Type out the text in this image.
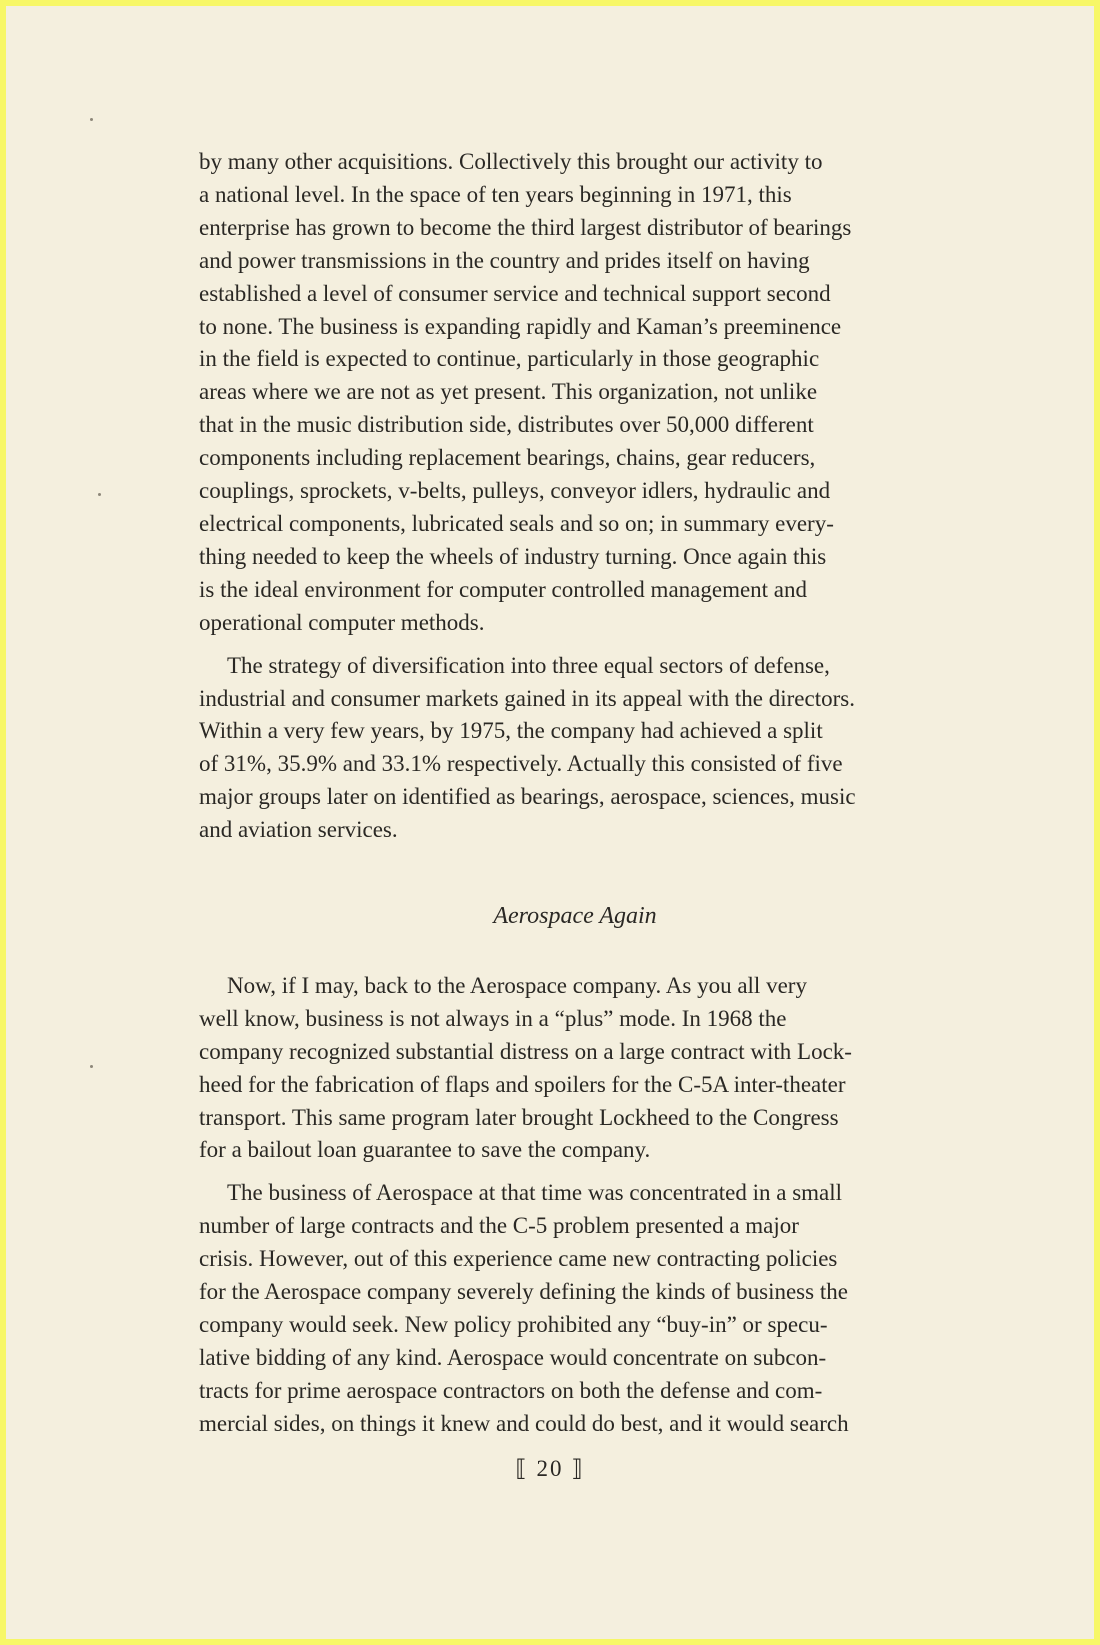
by many other acquisitions. Collectively this brought our activity to
a national level. In the space of ten years beginning in 1971, this
enterprise has grown to become the third largest distributor of bearings
and power transmissions in the country and prides itself on having
established a level of consumer service and technical support second
to none. The business is expanding rapidly and Kaman’s preeminence
in the field is expected to continue, particularly in those geographic
areas where we are not as yet present. This organization, not unlike
that in the music distribution side, distributes over 50,000 different
components including replacement bearings, chains, gear reducers,
couplings, sprockets, v-belts, pulleys, conveyor idlers, hydraulic and
electrical components, lubricated seals and so on; in summary every-
thing needed to keep the wheels of industry turning. Once again this
is the ideal environment for computer controlled management and
operational computer methods.
The strategy of diversification into three equal sectors of defense,
industrial and consumer markets gained in its appeal with the directors.
Within a very few years, by 1975, the company had achieved a split
of 31%, 35.9% and 33.1% respectively. Actually this consisted of five
major groups later on identified as bearings, aerospace, sciences, music
and aviation services.
Aerospace Again
Now, if I may, back to the Aerospace company. As you all very
well know, business is not always in a “plus” mode. In 1968 the
company recognized substantial distress on a large contract with Lock-
heed for the fabrication of flaps and spoilers for the C-5A inter-theater
transport. This same program later brought Lockheed to the Congress
for a bailout loan guarantee to save the company.
The business of Aerospace at that time was concentrated in a small
number of large contracts and the C-5 problem presented a major
crisis. However, out of this experience came new contracting policies
for the Aerospace company severely defining the kinds of business the
company would seek. New policy prohibited any “buy-in” or specu-
lative bidding of any kind. Aerospace would concentrate on subcon-
tracts for prime aerospace contractors on both the defense and com-
mercial sides, on things it knew and could do best, and it would search
⟦ 20 ⟧
